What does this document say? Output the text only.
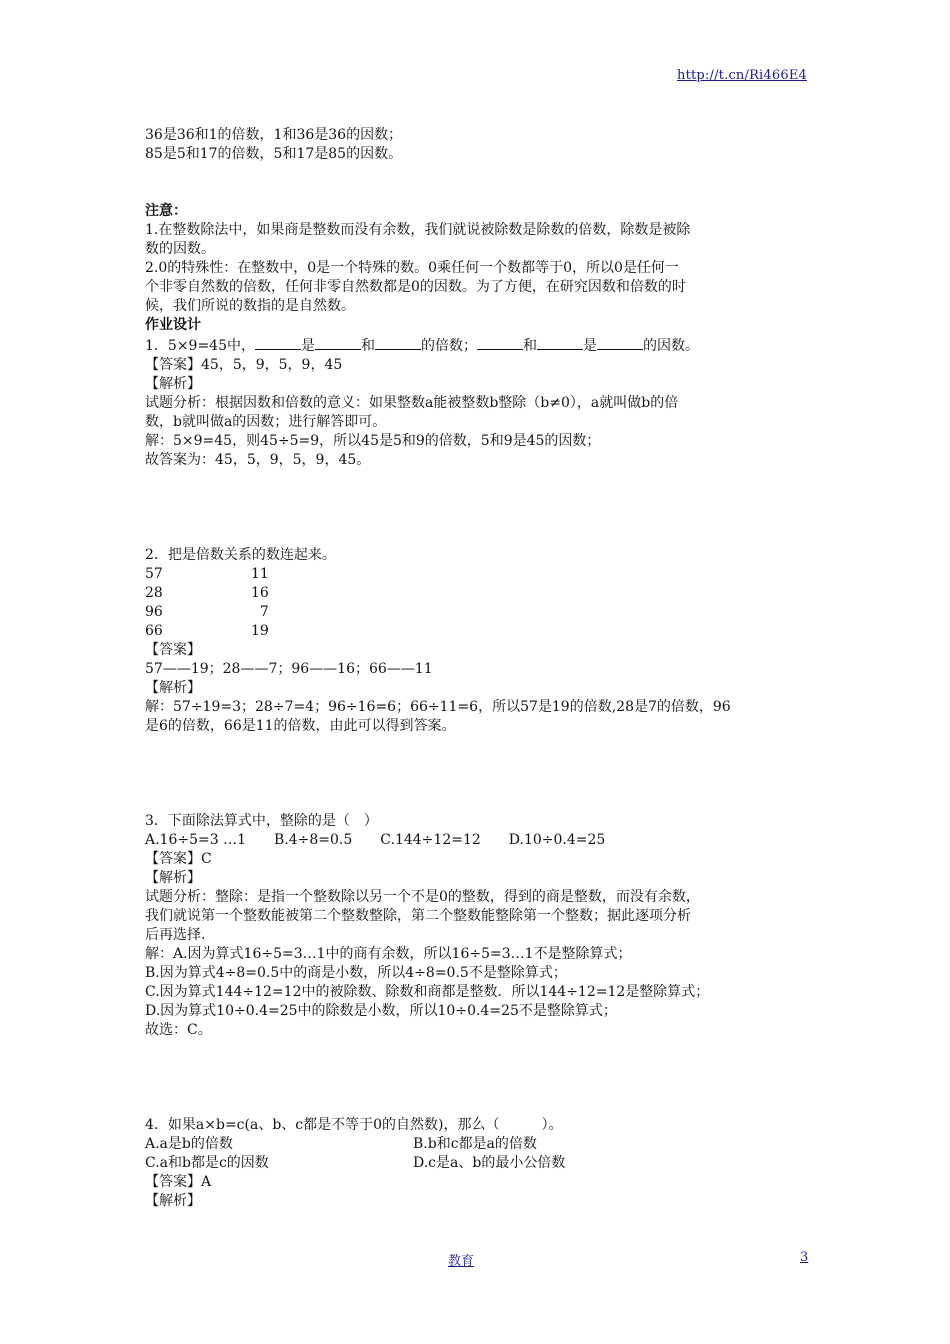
http://t.cn/Ri466E4

36是36和1的倍数，1和36是36的因数；

85是5和17的倍数，5和17是85的因数。

注意：

1.在整数除法中，如果商是整数而没有余数，我们就说被除数是除数的倍数，除数是被除

数的因数。

2.0的特殊性：在整数中，0是一个特殊的数。0乘任何一个数都等于0，所以0是任何一

个非零自然数的倍数，任何非零自然数都是0的因数。为了方便，在研究因数和倍数的时

候，我们所说的数指的是自然数。

作业设计

1．5×9=45中，	是	和	的倍数；	和	是	的因数。

【答案】45，5，9，5，9，45

【解析】

试题分析：根据因数和倍数的意义：如果整数a能被整数b整除（b≠0），a就叫做b的倍

数，b就叫做a的因数；进行解答即可。

解：5×9=45，则45÷5=9，所以45是5和9的倍数，5和9是45的因数；

故答案为：45，5，9，5，9，45。

2．把是倍数关系的数连起来。

57	11
28	16
96	7
66	19

【答案】

57——19；28——7；96——16；66——11

【解析】

解：57÷19=3；28÷7=4；96÷16=6；66÷11=6，所以57是19的倍数,28是7的倍数，96

是6的倍数，66是11的倍数，由此可以得到答案。

3．下面除法算式中，整除的是（　）

A.16÷5=3 …1 B.4÷8=0.5 C.144÷12=12 D.10÷0.4=25

【答案】C

【解析】

试题分析：整除：是指一个整数除以另一个不是0的整数，得到的商是整数，而没有余数，

我们就说第一个整数能被第二个整数整除，第二个整数能整除第一个整数；据此逐项分析

后再选择.

解：A.因为算式16÷5=3…1中的商有余数，所以16÷5=3…1不是整除算式；

B.因为算式4÷8=0.5中的商是小数，所以4÷8=0.5不是整除算式；

C.因为算式144÷12=12中的被除数、除数和商都是整数．所以144÷12=12是整除算式；

D.因为算式10÷0.4=25中的除数是小数，所以10÷0.4=25不是整除算式；

故选：C。

4．如果a×b=c(a、b、c都是不等于0的自然数)，那么（　　　）。

A.a是b的倍数	B.b和c都是a的倍数
C.a和b都是c的因数	D.c是a、b的最小公倍数

【答案】A

【解析】

教育	3
